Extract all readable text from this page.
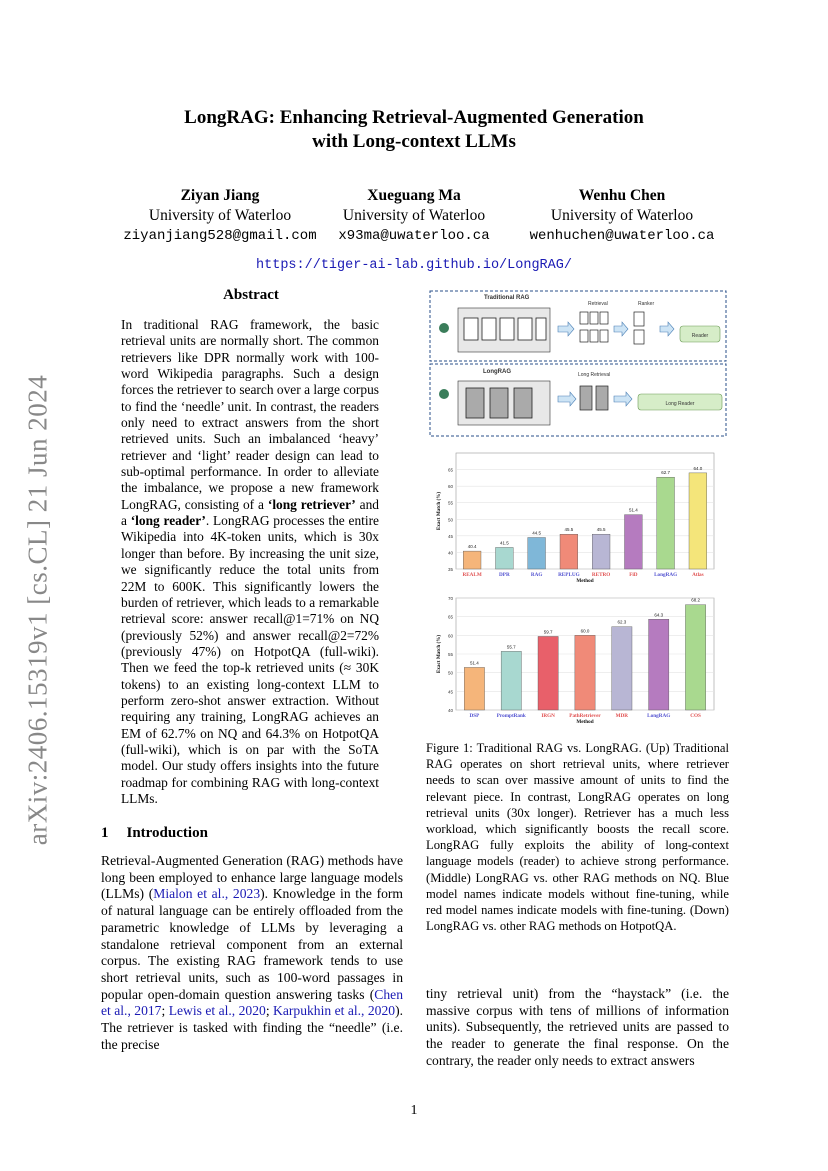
arXiv:2406.15319v1 [cs.CL] 21 Jun 2024
LongRAG: Enhancing Retrieval-Augmented Generation
with Long-context LLMs
Ziyan Jiang
University of Waterloo
ziyanjiang528@gmail.com
Xueguang Ma
University of Waterloo
x93ma@uwaterloo.ca
Wenhu Chen
University of Waterloo
wenhuchen@uwaterloo.ca
https://tiger-ai-lab.github.io/LongRAG/
Abstract
In traditional RAG framework, the basic retrieval units are normally short. The common retrievers like DPR normally work with 100-word Wikipedia paragraphs. Such a design forces the retriever to search over a large corpus to find the ‘needle’ unit. In contrast, the readers only need to extract answers from the short retrieved units. Such an imbalanced ‘heavy’ retriever and ‘light’ reader design can lead to sub-optimal performance. In order to alleviate the imbalance, we propose a new framework LongRAG, consisting of a ‘long retriever’ and a ‘long reader’. LongRAG processes the entire Wikipedia into 4K-token units, which is 30x longer than before. By increasing the unit size, we significantly reduce the total units from 22M to 600K. This significantly lowers the burden of retriever, which leads to a remarkable retrieval score: answer recall@1=71% on NQ (previously 52%) and answer recall@2=72% (previously 47%) on HotpotQA (full-wiki). Then we feed the top-k retrieved units (≈ 30K tokens) to an existing long-context LLM to perform zero-shot answer extraction. Without requiring any training, LongRAG achieves an EM of 62.7% on NQ and 64.3% on HotpotQA (full-wiki), which is on par with the SoTA model. Our study offers insights into the future roadmap for combining RAG with long-context LLMs.
1 Introduction
Retrieval-Augmented Generation (RAG) methods have long been employed to enhance large language models (LLMs) (Mialon et al., 2023). Knowledge in the form of natural language can be entirely offloaded from the parametric knowledge of LLMs by leveraging a standalone retrieval component from an external corpus. The existing RAG framework tends to use short retrieval units, such as 100-word passages in popular open-domain question answering tasks (Chen et al., 2017; Lewis et al., 2020; Karpukhin et al., 2020). The retriever is tasked with finding the “needle” (i.e. the precise
Traditional RAG
Retrieval	Ranker
LongRAG	Long Retrieval
Reader
Long Reader
35
40
45
50
55
60
65
40.4
REALM
41.5
DPR
44.5
RAG
45.5
REPLUG
45.5
RETRO
51.4
FiD
62.7
LongRAG
64.0
Atlas
Method
Exact Match (%)
40
45
50
55
60
65
70
51.4
DSP
55.7
PromptRank
59.7
IRGN
60.0
PathRetriever
62.3
MDR
64.3
LongRAG
68.2
COS
Method
Exact Match (%)
Figure 1: Traditional RAG vs. LongRAG. (Up) Traditional RAG operates on short retrieval units, where retriever needs to scan over massive amount of units to find the relevant piece. In contrast, LongRAG operates on long retrieval units (30x longer). Retriever has a much less workload, which significantly boosts the recall score. LongRAG fully exploits the ability of long-context language models (reader) to achieve strong performance. (Middle) LongRAG vs. other RAG methods on NQ. Blue model names indicate models without fine-tuning, while red model names indicate models with fine-tuning. (Down) LongRAG vs. other RAG methods on HotpotQA.
tiny retrieval unit) from the “haystack” (i.e. the massive corpus with tens of millions of information units). Subsequently, the retrieved units are passed to the reader to generate the final response. On the contrary, the reader only needs to extract answers
1
